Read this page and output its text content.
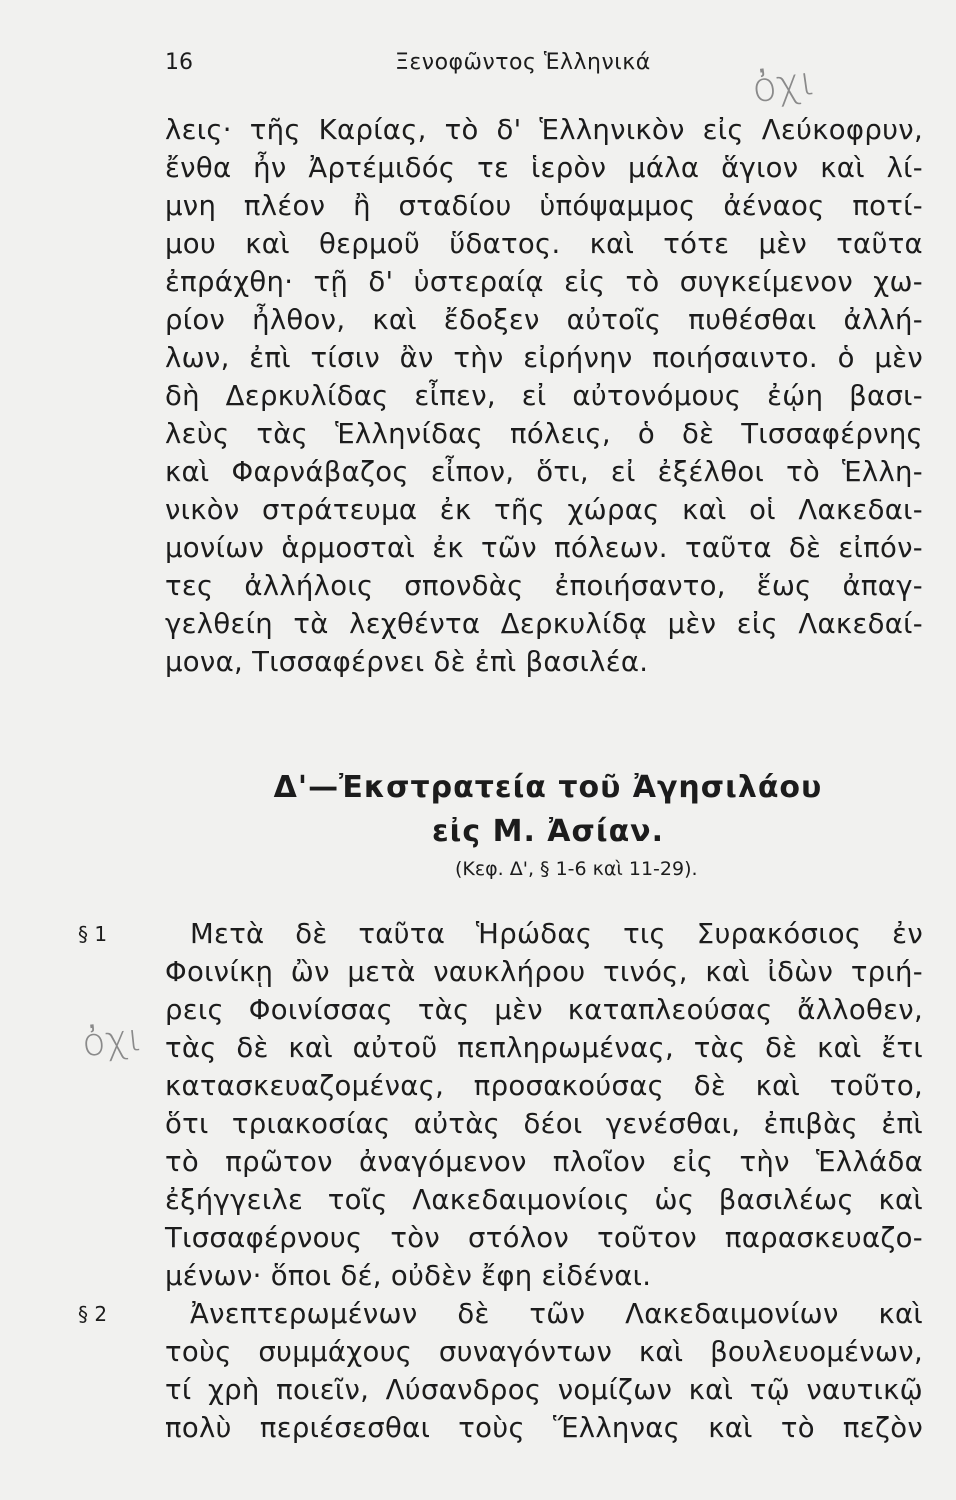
16	Ξενοφῶντος Ἑλληνικά ὀχι
λεις· τῆς Καρίας, τὸ δ' Ἑλληνικὸν εἰς Λεύκοφρυν,
ἔνθα ἦν Ἀρτέμιδός τε ἱερὸν μάλα ἅγιον καὶ λί-
μνη πλέον ἢ σταδίου ὑπόψαμμος ἀέναος ποτί-
μου καὶ θερμοῦ ὕδατος. καὶ τότε μὲν ταῦτα
ἐπράχθη· τῇ δ' ὑστεραίᾳ εἰς τὸ συγκείμενον χω-
ρίον ἦλθον, καὶ ἔδοξεν αὐτοῖς πυθέσθαι ἀλλή-
λων, ἐπὶ τίσιν ἂν τὴν εἰρήνην ποιήσαιντο. ὁ μὲν
δὴ Δερκυλίδας εἶπεν, εἰ αὐτονόμους ἐῴη βασι-
λεὺς τὰς Ἑλληνίδας πόλεις, ὁ δὲ Τισσαφέρνης
καὶ Φαρνάβαζος εἶπον, ὅτι, εἰ ἐξέλθοι τὸ Ἑλλη-
νικὸν στράτευμα ἐκ τῆς χώρας καὶ οἱ Λακεδαι-
μονίων ἁρμοσταὶ ἐκ τῶν πόλεων. ταῦτα δὲ εἰπόν-
τες ἀλλήλοις σπονδὰς ἐποιήσαντο, ἕως ἀπαγ-
γελθείη τὰ λεχθέντα Δερκυλίδᾳ μὲν εἰς Λακεδαί-
μονα, Τισσαφέρνει δὲ ἐπὶ βασιλέα.
Δ'—Ἐκστρατεία τοῦ Ἀγησιλάου
εἰς Μ. Ἀσίαν.
(Κεφ. Δ', § 1-6 καὶ 11-29).
§ 1
ὀχι
Μετὰ δὲ ταῦτα Ἡρώδας τις Συρακόσιος ἐν
Φοινίκῃ ὢν μετὰ ναυκλήρου τινός, καὶ ἰδὼν τριή-
ρεις Φοινίσσας τὰς μὲν καταπλεούσας ἄλλοθεν,
τὰς δὲ καὶ αὐτοῦ πεπληρωμένας, τὰς δὲ καὶ ἔτι
κατασκευαζομένας, προσακούσας δὲ καὶ τοῦτο,
ὅτι τριακοσίας αὐτὰς δέοι γενέσθαι, ἐπιβὰς ἐπὶ
τὸ πρῶτον ἀναγόμενον πλοῖον εἰς τὴν Ἑλλάδα
ἐξήγγειλε τοῖς Λακεδαιμονίοις ὡς βασιλέως καὶ
Τισσαφέρνους τὸν στόλον τοῦτον παρασκευαζο-
μένων· ὅποι δέ, οὐδὲν ἔφη εἰδέναι.
§ 2	Ἀνεπτερωμένων δὲ τῶν Λακεδαιμονίων καὶ
τοὺς συμμάχους συναγόντων καὶ βουλευομένων,
τί χρὴ ποιεῖν, Λύσανδρος νομίζων καὶ τῷ ναυτικῷ
πολὺ περιέσεσθαι τοὺς Ἕλληνας καὶ τὸ πεζὸν
